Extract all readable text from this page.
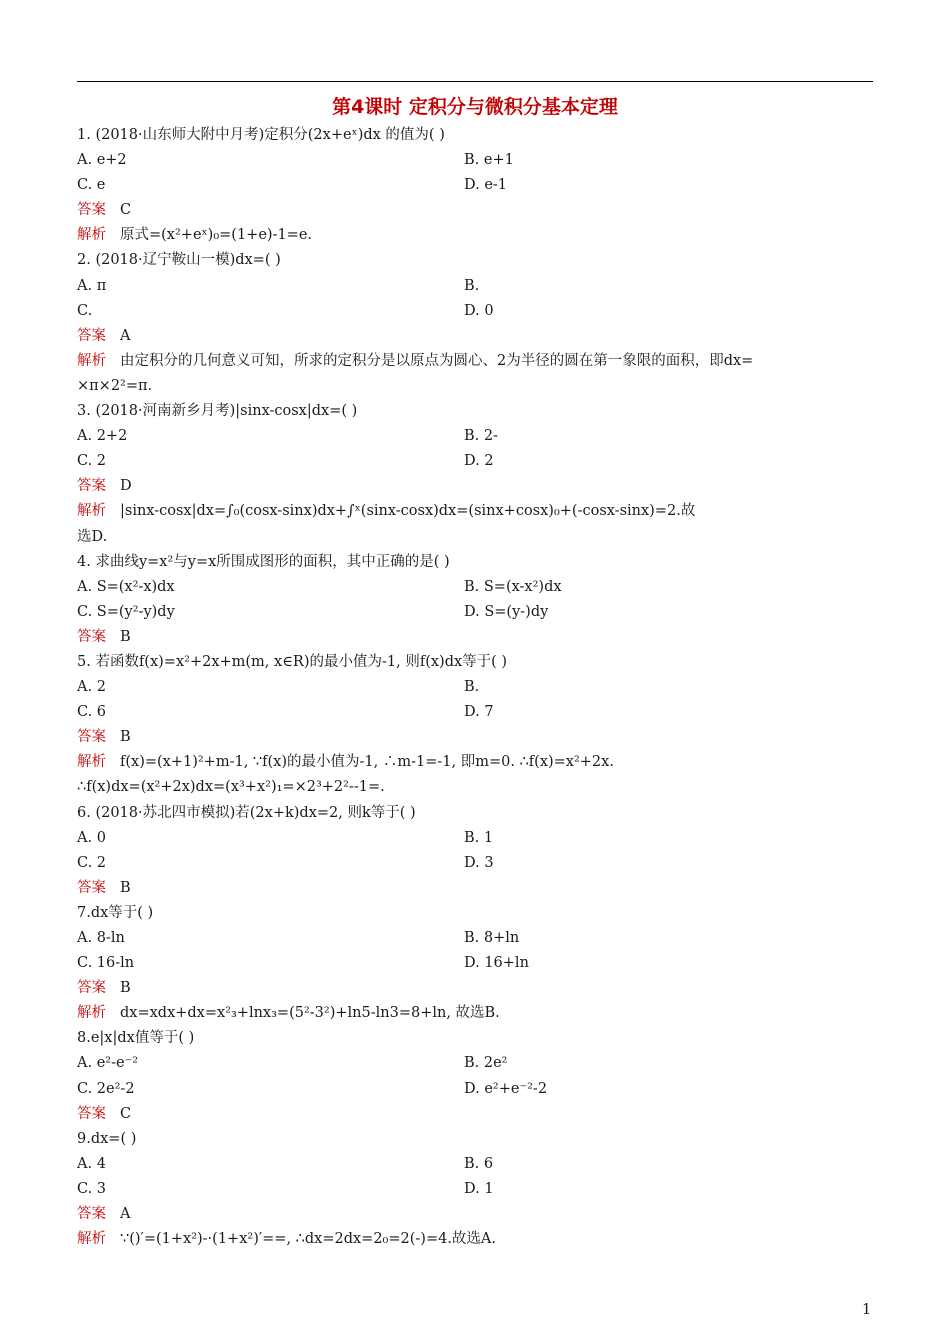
第4课时 定积分与微积分基本定理
1. (2018·山东师大附中月考)定积分(2x+eˣ)dx 的值为( )
A. e+2	B. e+1
C. e	D. e-1
答案 C
解析 原式=(x²+eˣ)₀=(1+e)-1=e.
2. (2018·辽宁鞍山一模)dx=( )
A. π	B.
C.	D. 0
答案 A
解析 由定积分的几何意义可知，所求的定积分是以原点为圆心、2为半径的圆在第一象限的面积，即dx=
×π×2²=π.
3. (2018·河南新乡月考)|sinx-cosx|dx=( )
A. 2+2	B. 2-
C. 2	D. 2
答案 D
解析 |sinx-cosx|dx=∫₀(cosx-sinx)dx+∫ˣ(sinx-cosx)dx=(sinx+cosx)₀+(-cosx-sinx)=2.故
选D.
4. 求曲线y=x²与y=x所围成图形的面积，其中正确的是( )
A. S=(x²-x)dx	B. S=(x-x²)dx
C. S=(y²-y)dy	D. S=(y-)dy
答案 B
5. 若函数f(x)=x²+2x+m(m, x∈R)的最小值为-1, 则f(x)dx等于( )
A. 2	B.
C. 6	D. 7
答案 B
解析 f(x)=(x+1)²+m-1, ∵f(x)的最小值为-1, ∴m-1=-1, 即m=0. ∴f(x)=x²+2x.
∴f(x)dx=(x²+2x)dx=(x³+x²)₁=×2³+2²--1=.
6. (2018·苏北四市模拟)若(2x+k)dx=2, 则k等于( )
A. 0	B. 1
C. 2	D. 3
答案 B
7.dx等于( )
A. 8-ln	B. 8+ln
C. 16-ln	D. 16+ln
答案 B
解析 dx=xdx+dx=x²₃+lnx₃=(5²-3²)+ln5-ln3=8+ln, 故选B.
8.e|x|dx值等于( )
A. e²-e⁻²	B. 2e²
C. 2e²-2	D. e²+e⁻²-2
答案 C
9.dx=( )
A. 4	B. 6
C. 3	D. 1
答案 A
解析 ∵()′=(1+x²)-·(1+x²)′==, ∴dx=2dx=2₀=2(-)=4.故选A.
1
